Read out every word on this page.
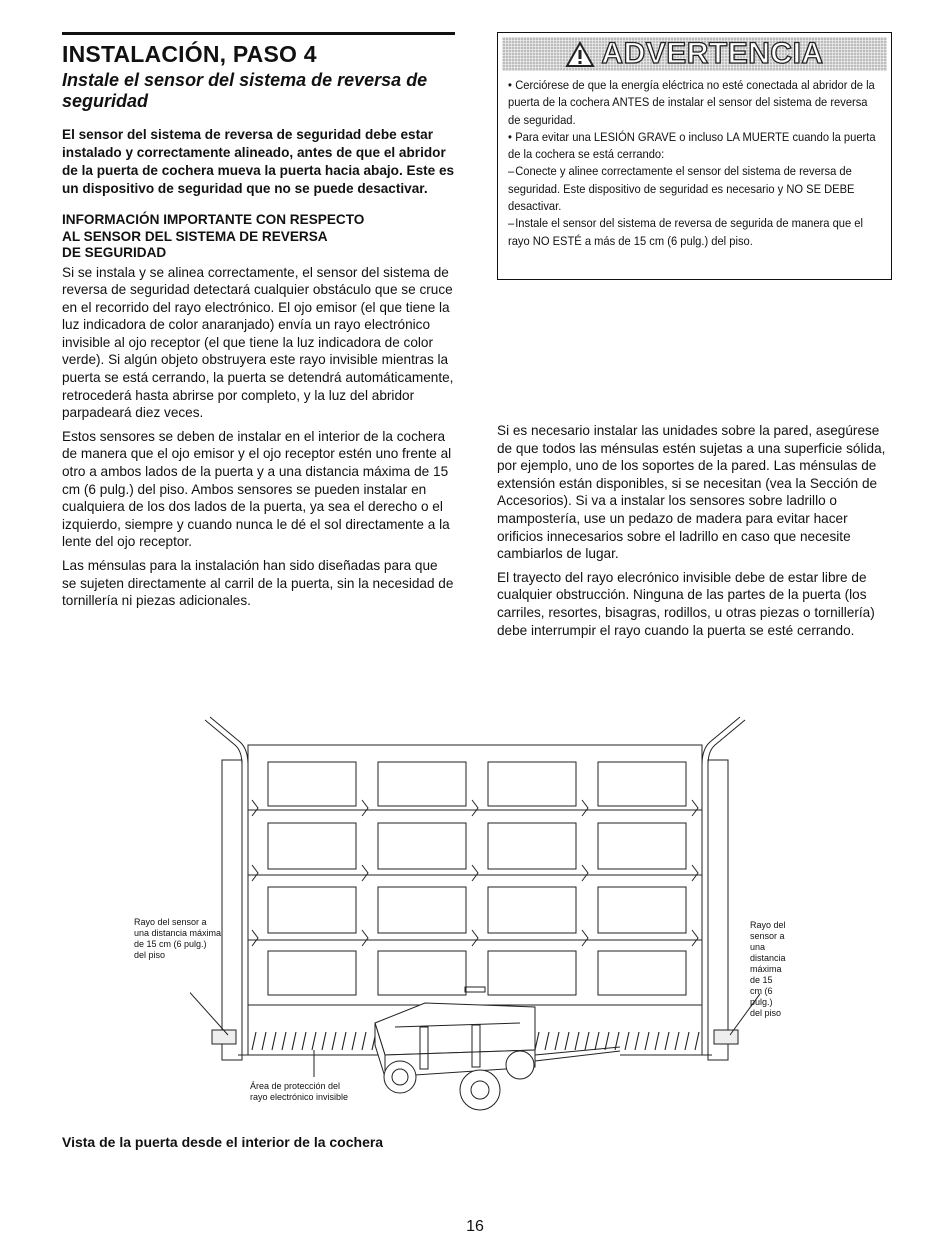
INSTALACIÓN, PASO 4
Instale el sensor del sistema de reversa de seguridad

El sensor del sistema de reversa de seguridad debe estar instalado y correctamente alineado, antes de que el abridor de la puerta de cochera mueva la puerta hacia abajo. Este es un dispositivo de seguridad que no se puede desactivar.

INFORMACIÓN IMPORTANTE CON RESPECTO
AL SENSOR DEL SISTEMA DE REVERSA
DE SEGURIDAD

Si se instala y se alinea correctamente, el sensor del sistema de reversa de seguridad detectará cualquier obstáculo que se cruce en el recorrido del rayo electrónico. El ojo emisor (el que tiene la luz indicadora de color anaranjado) envía un rayo electrónico invisible al ojo receptor (el que tiene la luz indicadora de color verde). Si algún objeto obstruyera este rayo invisible mientras la puerta se está cerrando, la puerta se detendrá automáticamente, retrocederá hasta abrirse por completo, y la luz del abridor parpadeará diez veces.

Estos sensores se deben de instalar en el interior de la cochera de manera que el ojo emisor y el ojo receptor estén uno frente al otro a ambos lados de la puerta y a una distancia máxima de 15 cm (6 pulg.) del piso. Ambos sensores se pueden instalar en cualquiera de los dos lados de la puerta, ya sea el derecho o el izquierdo, siempre y cuando nunca le dé el sol directamente a la lente del ojo receptor.

Las ménsulas para la instalación han sido diseñadas para que se sujeten directamente al carril de la puerta, sin la necesidad de tornillería ni piezas adicionales.

ADVERTENCIA
• Cerciórese de que la energía eléctrica no esté conectada al abridor de la puerta de la cochera ANTES de instalar el sensor del sistema de reversa de seguridad.
• Para evitar una LESIÓN GRAVE o incluso LA MUERTE cuando la puerta de la cochera se está cerrando:
–Conecte y alinee correctamente el sensor del sistema de reversa de seguridad. Este dispositivo de seguridad es necesario y NO SE DEBE desactivar.
–Instale el sensor del sistema de reversa de segurida de manera que el rayo NO ESTÉ a más de 15 cm (6 pulg.) del piso.

Si es necesario instalar las unidades sobre la pared, asegúrese de que todos las ménsulas estén sujetas a una superficie sólida, por ejemplo, uno de los soportes de la pared. Las ménsulas de extensión están disponibles, si se necesitan (vea la Sección de Accesorios). Si va a instalar los sensores sobre ladrillo o mampostería, use un pedazo de madera para evitar hacer orificios innecesarios sobre el ladrillo en caso que necesite cambiarlos de lugar.

El trayecto del rayo elecrónico invisible debe de estar libre de cualquier obstrucción. Ninguna de las partes de la puerta (los carriles, resortes, bisagras, rodillos, u otras piezas o tornillería) debe interrumpir el rayo cuando la puerta se esté cerrando.

Rayo del sensor a
una distancia máxima
de 15 cm (6 pulg.)
del piso
Rayo del sensor a
una distancia máxima
de 15 cm (6 pulg.)
del piso
Área de protección del
rayo electrónico invisible
Vista de la puerta desde el interior de la cochera
16
